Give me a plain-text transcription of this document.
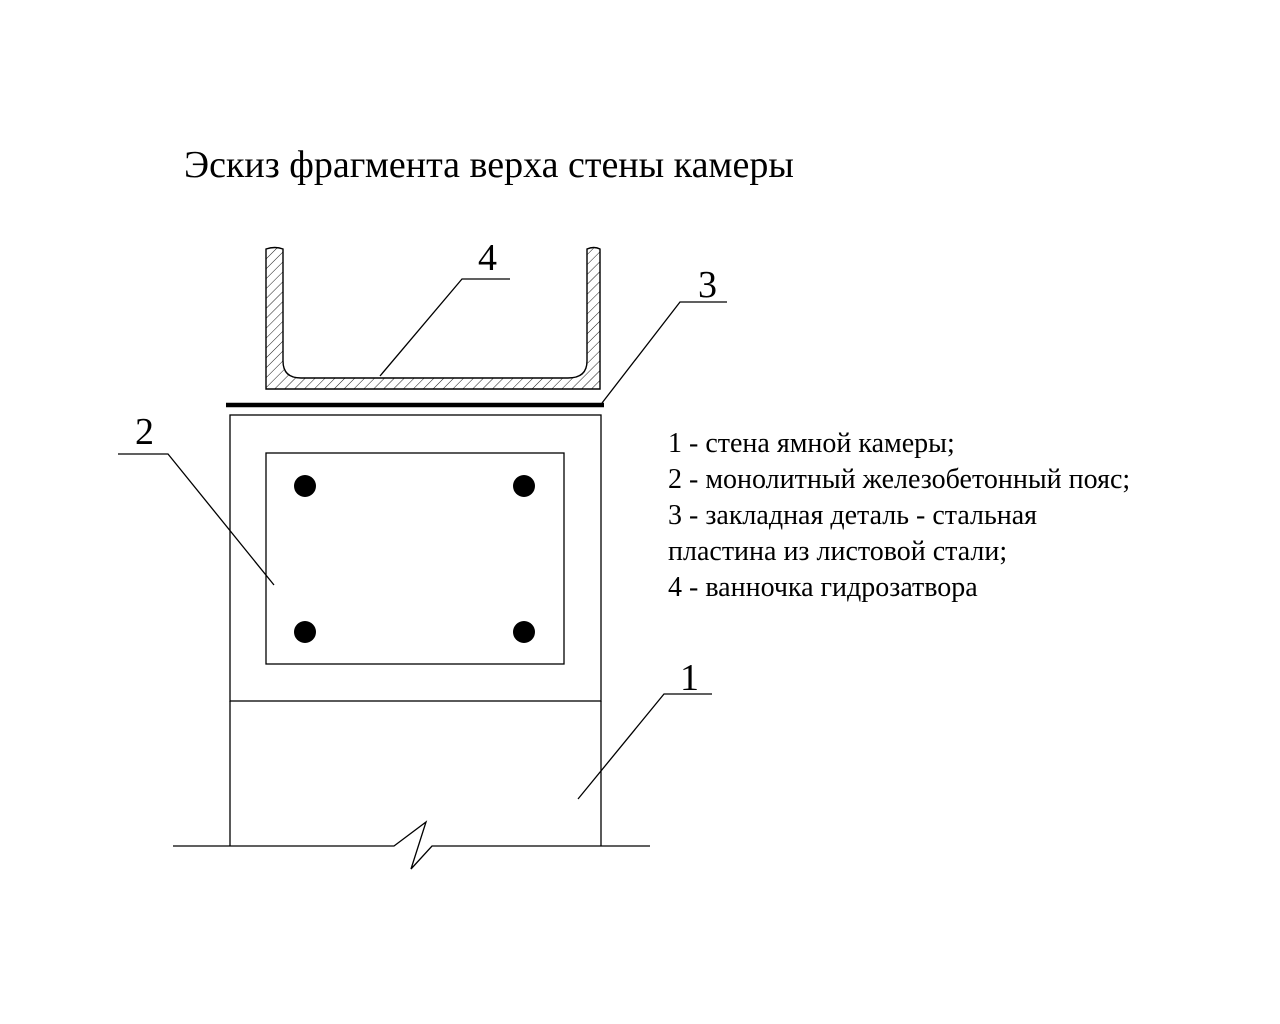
Эскиз фрагмента верха стены камеры
4
3
2
1
1 - стена ямной камеры;
2 - монолитный железобетонный пояс;
3 - закладная деталь - стальная
пластина из листовой стали;
4 - ванночка гидрозатвора
